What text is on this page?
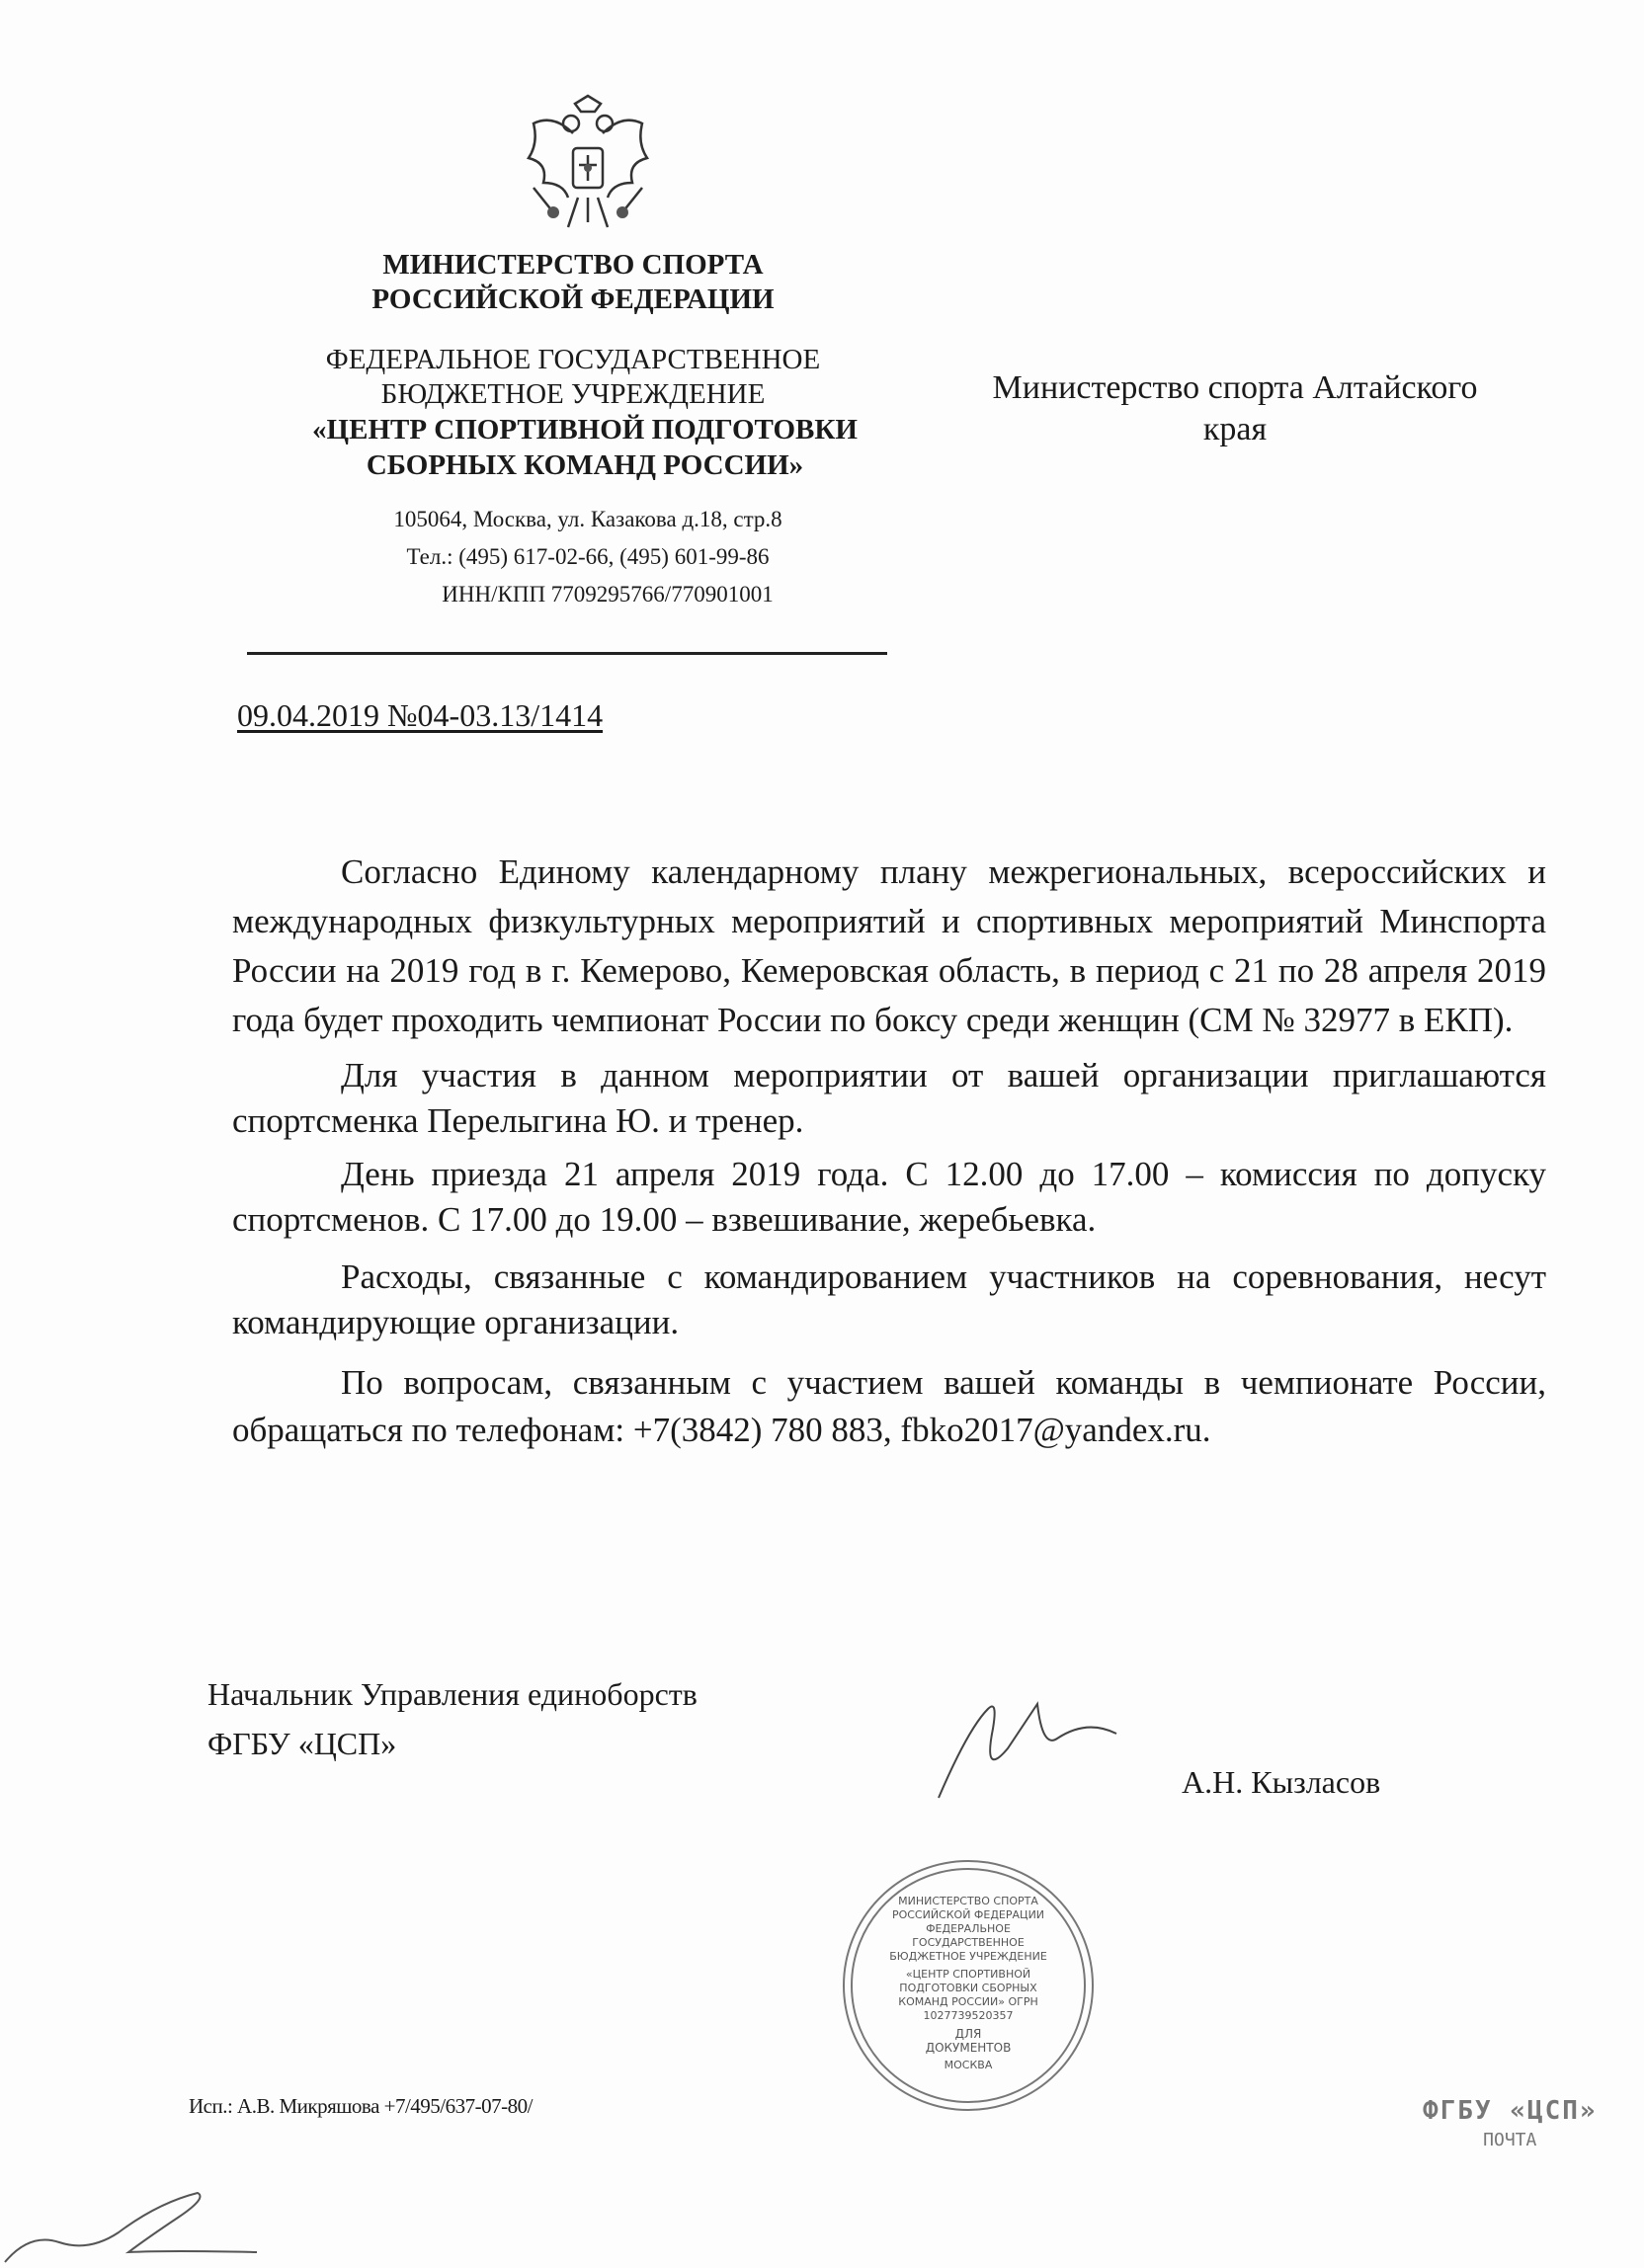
МИНИСТЕРСТВО СПОРТА
РОССИЙСКОЙ ФЕДЕРАЦИИ
ФЕДЕРАЛЬНОЕ ГОСУДАРСТВЕННОЕ
БЮДЖЕТНОЕ УЧРЕЖДЕНИЕ
«ЦЕНТР СПОРТИВНОЙ ПОДГОТОВКИ
СБОРНЫХ КОМАНД РОССИИ»
105064, Москва, ул. Казакова д.18, стр.8
Тел.: (495) 617-02-66, (495) 601-99-86
ИНН/КПП 7709295766/770901001
09.04.2019 №04-03.13/1414
Министерство спорта Алтайского
края

Согласно Единому календарному плану межрегиональных, всероссийских и международных физкультурных мероприятий и спортивных мероприятий Минспорта России на 2019 год в г. Кемерово, Кемеровская область, в период с 21 по 28 апреля 2019 года будет проходить чемпионат России по боксу среди женщин (СМ № 32977 в ЕКП).

Для участия в данном мероприятии от вашей организации приглашаются спортсменка Перелыгина Ю. и тренер.

День приезда 21 апреля 2019 года. С 12.00 до 17.00 – комиссия по допуску спортсменов. С 17.00 до 19.00 – взвешивание, жеребьевка.

Расходы, связанные с командированием участников на соревнования, несут командирующие организации.

По вопросам, связанным с участием вашей команды в чемпионате России, обращаться по телефонам: +7(3842) 780 883, fbko2017@yandex.ru.

Начальник Управления единоборств
ФГБУ «ЦСП»
А.Н. Кызласов
МИНИСТЕРСТВО СПОРТА РОССИЙСКОЙ ФЕДЕРАЦИИ ФЕДЕРАЛЬНОЕ ГОСУДАРСТВЕННОЕ БЮДЖЕТНОЕ УЧРЕЖДЕНИЕ
«ЦЕНТР СПОРТИВНОЙ ПОДГОТОВКИ СБОРНЫХ КОМАНД РОССИИ» ОГРН 1027739520357
ДЛЯ
ДОКУМЕНТОВ
МОСКВА
Исп.: А.В. Микряшова +7/495/637-07-80/	ФГБУ «ЦСП»
ПОЧТА
